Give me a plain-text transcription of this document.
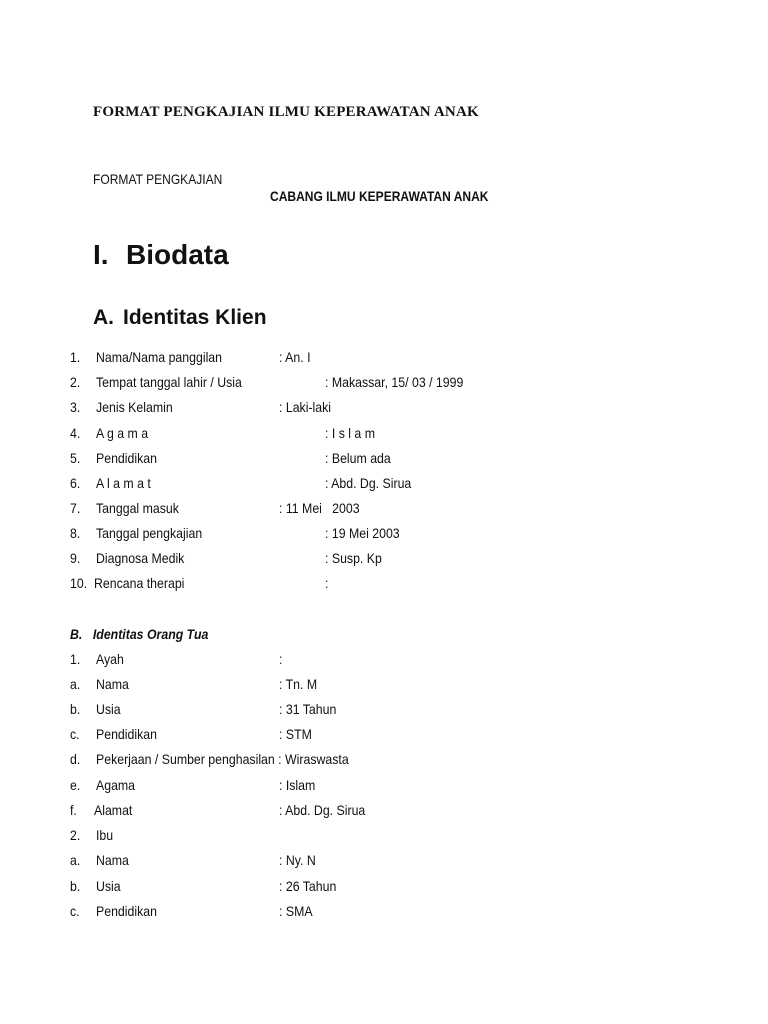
FORMAT PENGKAJIAN ILMU KEPERAWATAN ANAK
FORMAT PENGKAJIAN
CABANG ILMU KEPERAWATAN ANAK
I. Biodata
A. Identitas Klien
1. Nama/Nama panggilan	: An. I
2. Tempat tanggal lahir / Usia	: Makassar, 15/ 03 / 1999
3. Jenis Kelamin	: Laki-laki
4. A g a m a	: I s l a m
5. Pendidikan	: Belum ada
6. A l a m a t	: Abd. Dg. Sirua
7. Tanggal masuk	: 11 Mei   2003
8. Tanggal pengkajian	: 19 Mei 2003
9. Diagnosa Medik	: Susp. Kp
10. Rencana therapi	:
B. Identitas Orang Tua
1. Ayah	:
a. Nama	: Tn. M
b. Usia	: 31 Tahun
c. Pendidikan	: STM
d. Pekerjaan / Sumber penghasilan : Wiraswasta
e. Agama	: Islam
f. Alamat	: Abd. Dg. Sirua
2. Ibu
a. Nama	: Ny. N
b. Usia	: 26 Tahun
c. Pendidikan	: SMA
